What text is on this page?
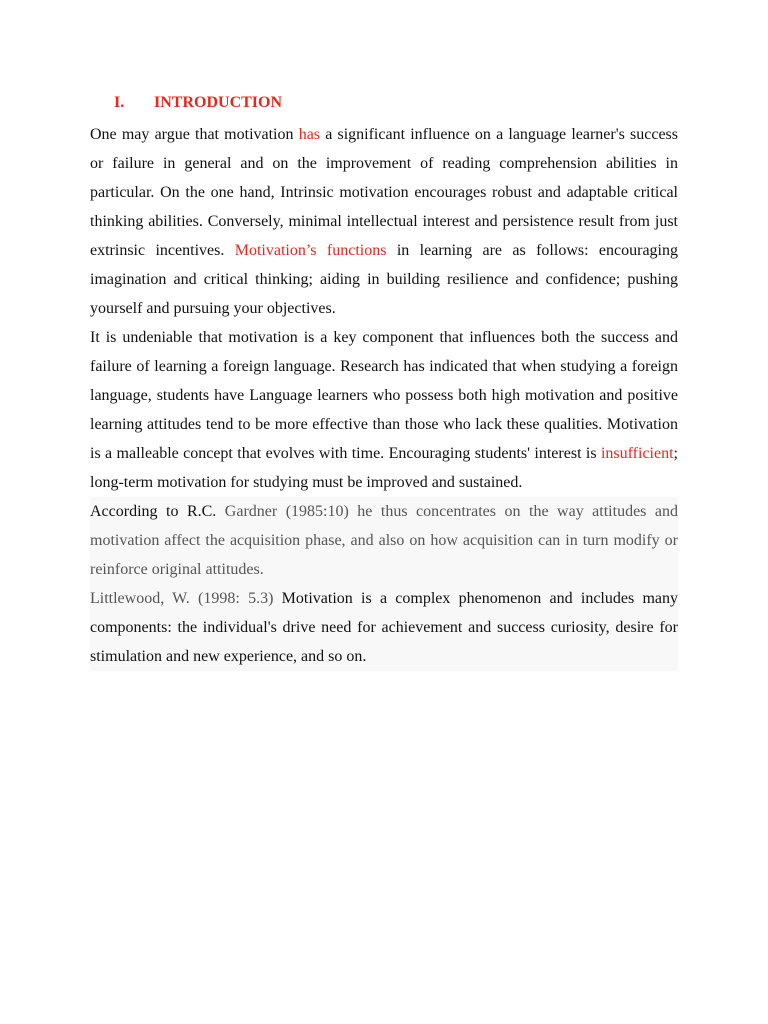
I. INTRODUCTION

One may argue that motivation has a significant influence on a language learner's success or failure in general and on the improvement of reading comprehension abilities in particular. On the one hand, Intrinsic motivation encourages robust and adaptable critical thinking abilities. Conversely, minimal intellectual interest and persistence result from just extrinsic incentives. Motivation’s functions in learning are as follows: encouraging imagination and critical thinking; aiding in building resilience and confidence; pushing yourself and pursuing your objectives.

It is undeniable that motivation is a key component that influences both the success and failure of learning a foreign language. Research has indicated that when studying a foreign language, students have Language learners who possess both high motivation and positive learning attitudes tend to be more effective than those who lack these qualities. Motivation is a malleable concept that evolves with time. Encouraging students' interest is insufficient; long-term motivation for studying must be improved and sustained.

According to R.C. Gardner (1985:10) he thus concentrates on the way attitudes and motivation affect the acquisition phase, and also on how acquisition can in turn modify or reinforce original attitudes.

Littlewood, W. (1998: 5.3) Motivation is a complex phenomenon and includes many components: the individual's drive need for achievement and success curiosity, desire for stimulation and new experience, and so on.
